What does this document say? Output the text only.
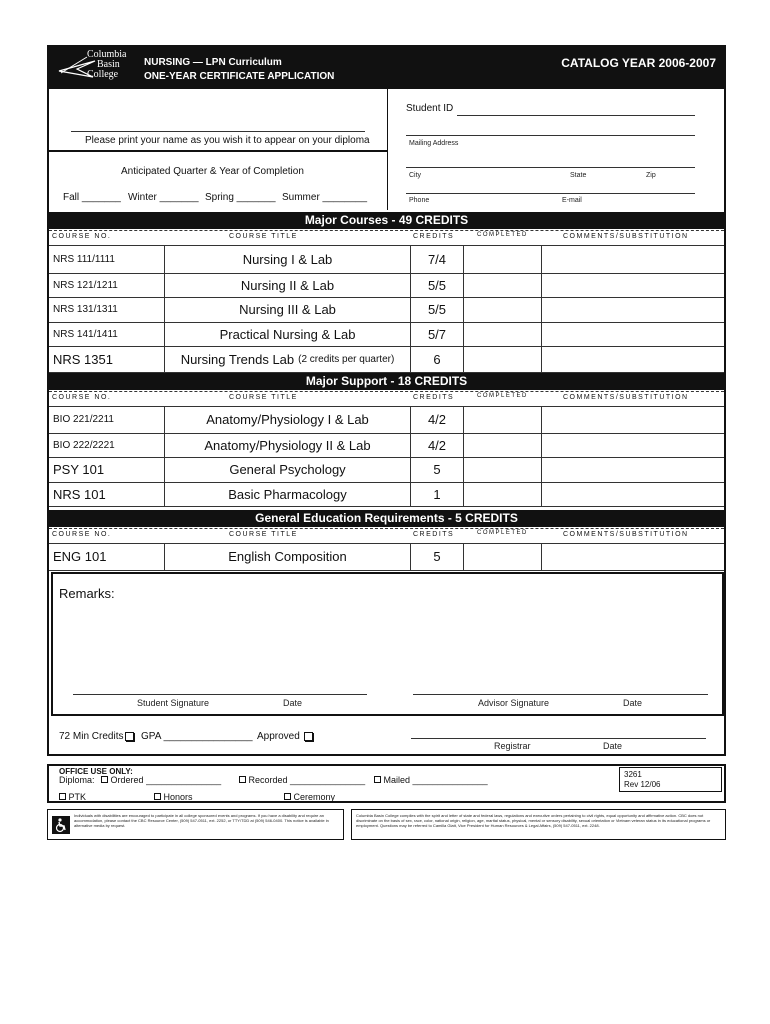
Columbia
Basin
College
NURSING — LPN Curriculum
ONE-YEAR CERTIFICATE APPLICATION
CATALOG YEAR 2006-2007
Please print your name as you wish it to appear on your diploma
Anticipated Quarter & Year of Completion
Fall _______ Winter _______ Spring _______ Summer ________
Student ID
Mailing Address
City	State	Zip
Phone	E-mail
Major Courses - 49 CREDITS
COURSE NO.	COURSE TITLE	CREDITS	COMPLETED	COMMENTS/SUBSTITUTION
NRS 111/1111	Nursing I & Lab	7/4
NRS 121/1211	Nursing II & Lab	5/5
NRS 131/1311	Nursing III & Lab	5/5
NRS 141/1411	Practical Nursing & Lab	5/7
NRS 1351	Nursing Trends Lab (2 credits per quarter)	6
Major Support - 18 CREDITS
COURSE NO.	COURSE TITLE	CREDITS	COMPLETED	COMMENTS/SUBSTITUTION
BIO 221/2211	Anatomy/Physiology I & Lab	4/2
BIO 222/2221	Anatomy/Physiology II & Lab	4/2
PSY 101	General Psychology	5
NRS 101	Basic Pharmacology	1
General Education Requirements - 5 CREDITS
COURSE NO.	COURSE TITLE	CREDITS	COMPLETED	COMMENTS/SUBSTITUTION
ENG 101	English Composition	5
Remarks:
Student Signature	Date	Advisor Signature	Date
72 Min Credits GPA ________________ Approved
Registrar	Date
OFFICE USE ONLY:
Diploma: Ordered _______________	Recorded _______________	Mailed _______________
PTK	Honors	Ceremony
3261
Rev 12/06
Individuals with disabilities are encouraged to participate in all college sponsored events and programs. If you have a disability and require an accommodation, please contact the CBC Resource Center, (509) 547-0511, ext. 2252, or TTY/TDD at (509) 546-0400. This notice is available in alternative media by request.
Columbia Basin College complies with the spirit and letter of state and federal laws, regulations and executive orders pertaining to civil rights, equal opportunity and affirmative action. CBC does not discriminate on the basis of sex, race, color, national origin, religion, age, marital status, physical, mental or sensory disability, sexual orientation or Vietnam veteran status in its educational programs or employment. Questions may be referred to Camilla Glatt, Vice President for Human Resources & Legal Affairs, (509) 547-0511, ext. 2248.
